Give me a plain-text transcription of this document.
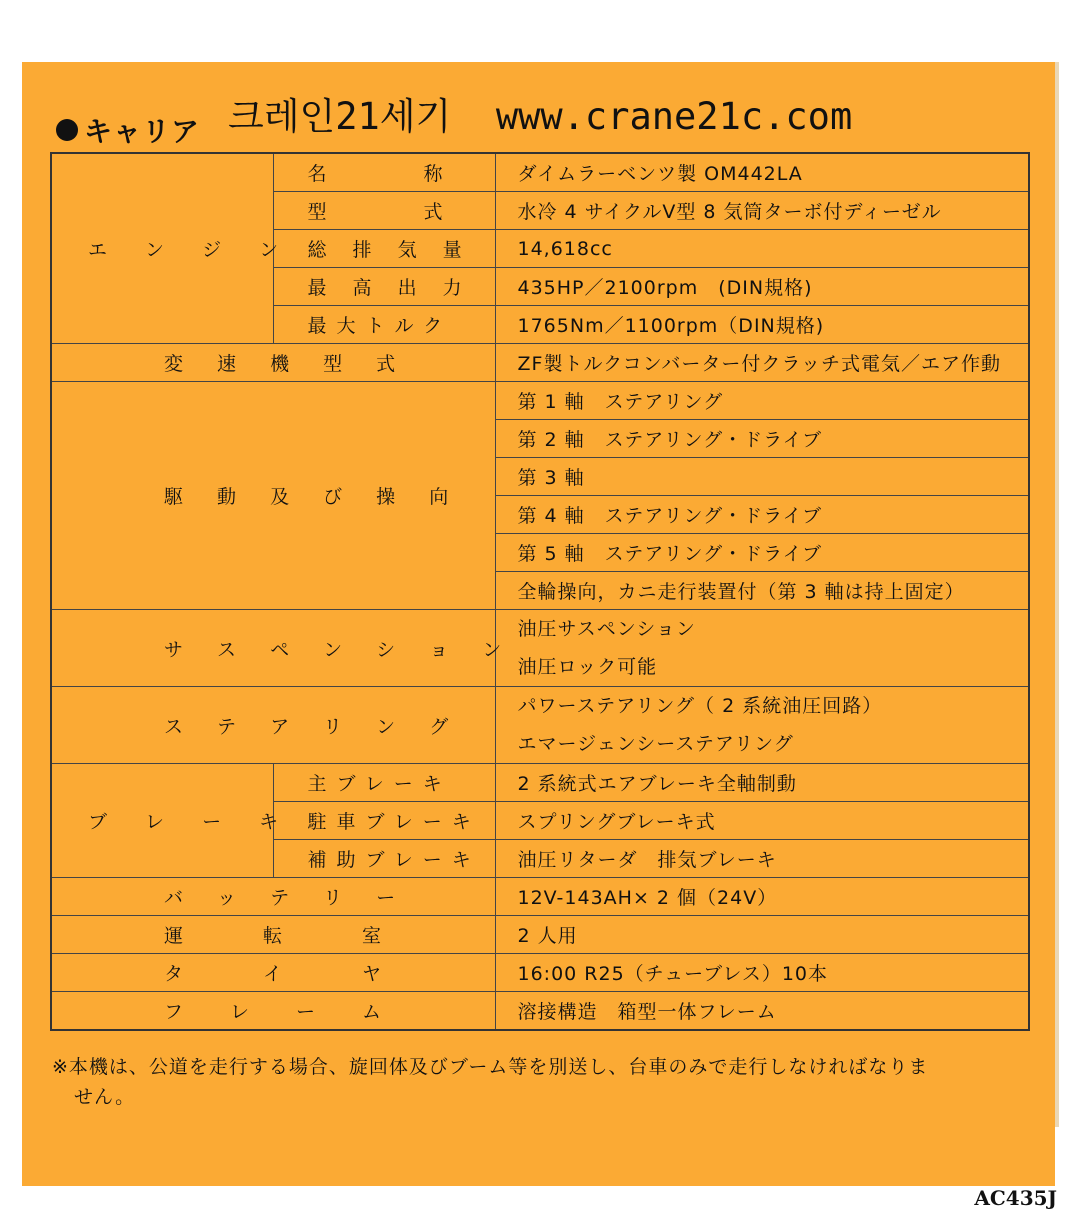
キャリア 크레인21세기  www.crane21c.com
エ ン ジ ン	名　　　称	ダイムラーベンツ製 OM442LA
	型　　　式	水冷 4 サイクルV型 8 気筒ターボ付ディーゼル
	総 排 気 量	14,618cc
	最 高 出 力	435HP／2100rpm　(DIN規格)
	最大トルク	1765Nm／1100rpm（DIN規格)
変 速 機 型 式		ZF製トルクコンバーター付クラッチ式電気／エア作動
駆 動 及 び 操 向		第 1 軸　ステアリング
		第 2 軸　ステアリング・ドライブ
		第 3 軸
		第 4 軸　ステアリング・ドライブ
		第 5 軸　ステアリング・ドライブ
		全輪操向，カニ走行装置付（第 3 軸は持上固定）
サ ス ペ ン シ ョ ン		油圧サスペンション
油圧ロック可能

ス テ ア リ ン グ		パワーステアリング（ 2 系統油圧回路）
エマージェンシーステアリング

ブ レ ー キ	主ブレーキ	2 系統式エアブレーキ全軸制動
	駐車ブレーキ	スプリングブレーキ式
	補助ブレーキ	油圧リターダ　排気ブレーキ
バ ッ テ リ ー		12V-143AH× 2 個（24V）
運　　転　　室		2 人用
タ　　イ　　ヤ		16:00 R25（チューブレス）10本
フ　レ　ー　ム		溶接構造　箱型一体フレーム
※本機は、公道を走行する場合、旋回体及びブーム等を別送し、台車のみで走行しなければなりま
せん。
AC435J
